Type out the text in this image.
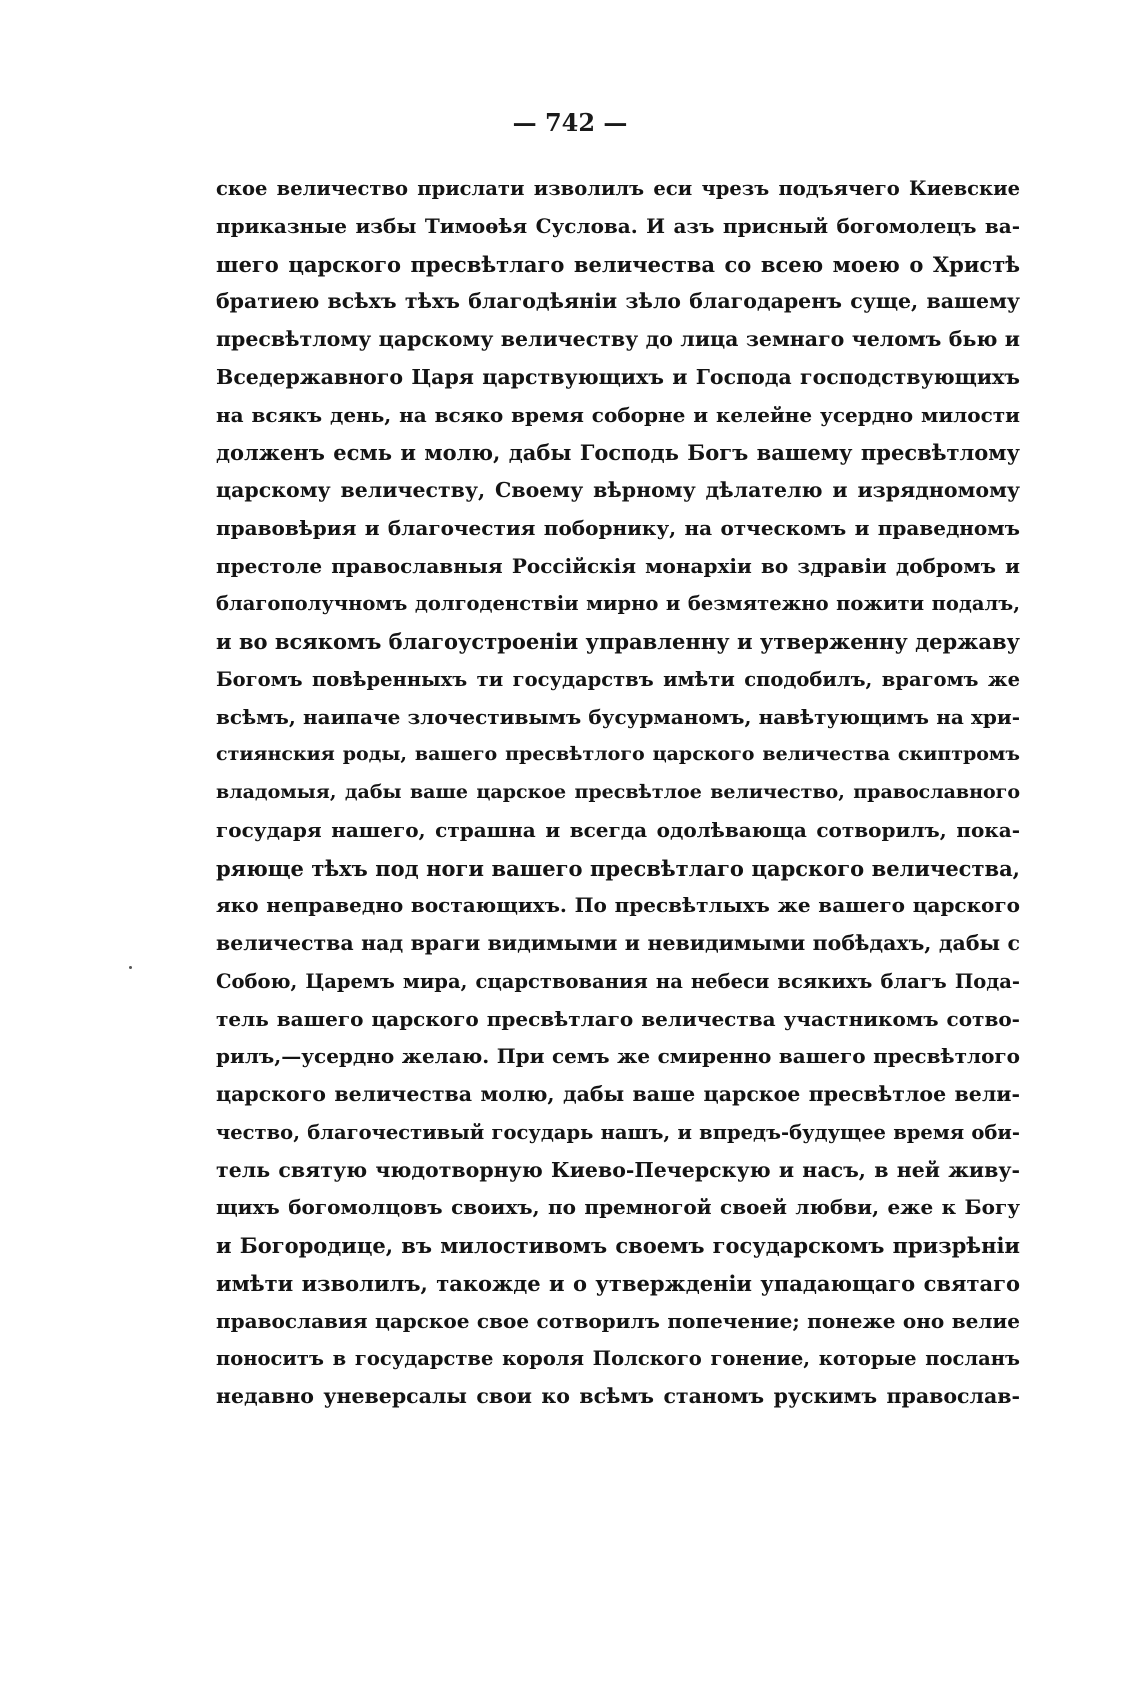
— 742 —
ское величество прислати изволилъ еси чрезъ подъячего Киевские
приказные избы Тимоѳѣя Суслова. И азъ присный богомолецъ ва-
шего царского пресвѣтлаго величества со всею моею о Христѣ
братиею всѣхъ тѣхъ благодѣянiи зѣло благодаренъ суще, вашему
пресвѣтлому царскому величеству до лица земнаго челомъ бью и
Вседержавного Царя царствующихъ и Господа господствующихъ
на всякъ день, на всяко время соборне и келейне усердно милости
долженъ есмь и молю, дабы Господь Богъ вашему пресвѣтлому
царскому величеству, Своему вѣрному дѣлателю и изрядномому
правовѣрия и благочестия поборнику, на отческомъ и праведномъ
престоле православныя Россiйскiя монархiи во здравiи добромъ и
благополучномъ долгоденствiи мирно и безмятежно пожити подалъ,
и во всякомъ благоустроенiи управленну и утверженну державу
Богомъ повѣренныхъ ти государствъ имѣти сподобилъ, врагомъ же
всѣмъ, наипаче злочестивымъ бусурманомъ, навѣтующимъ на хри-
стиянския роды, вашего пресвѣтлого царского величества скиптромъ
владомыя, дабы ваше царское пресвѣтлое величество, православного
государя нашего, страшна и всегда одолѣвающа сотворилъ, пока-
ряюще тѣхъ под ноги вашего пресвѣтлаго царского величества,
яко неправедно востающихъ. По пресвѣтлыхъ же вашего царского
величества над враги видимыми и невидимыми побѣдахъ, дабы с
Собою, Царемъ мира, сцарствования на небеси всякихъ благъ Пода-
тель вашего царского пресвѣтлаго величества участникомъ сотво-
рилъ,—усердно желаю. При семъ же смиренно вашего пресвѣтлого
царского величества молю, дабы ваше царское пресвѣтлое вели-
чество, благочестивый государь нашъ, и впредъ-будущее время оби-
тель святую чюдотворную Киево-Печерскую и насъ, в ней живу-
щихъ богомолцовъ своихъ, по премногой своей любви, еже к Богу
и Богородице, въ милостивомъ своемъ государскомъ призрѣнiи
имѣти изволилъ, такожде и о утвержденiи упадающаго святаго
православия царское свое сотворилъ попечение; понеже оно велие
поноситъ в государстве короля Полского гонение, которые посланъ
недавно уневерсалы свои ко всѣмъ станомъ рускимъ православ-
